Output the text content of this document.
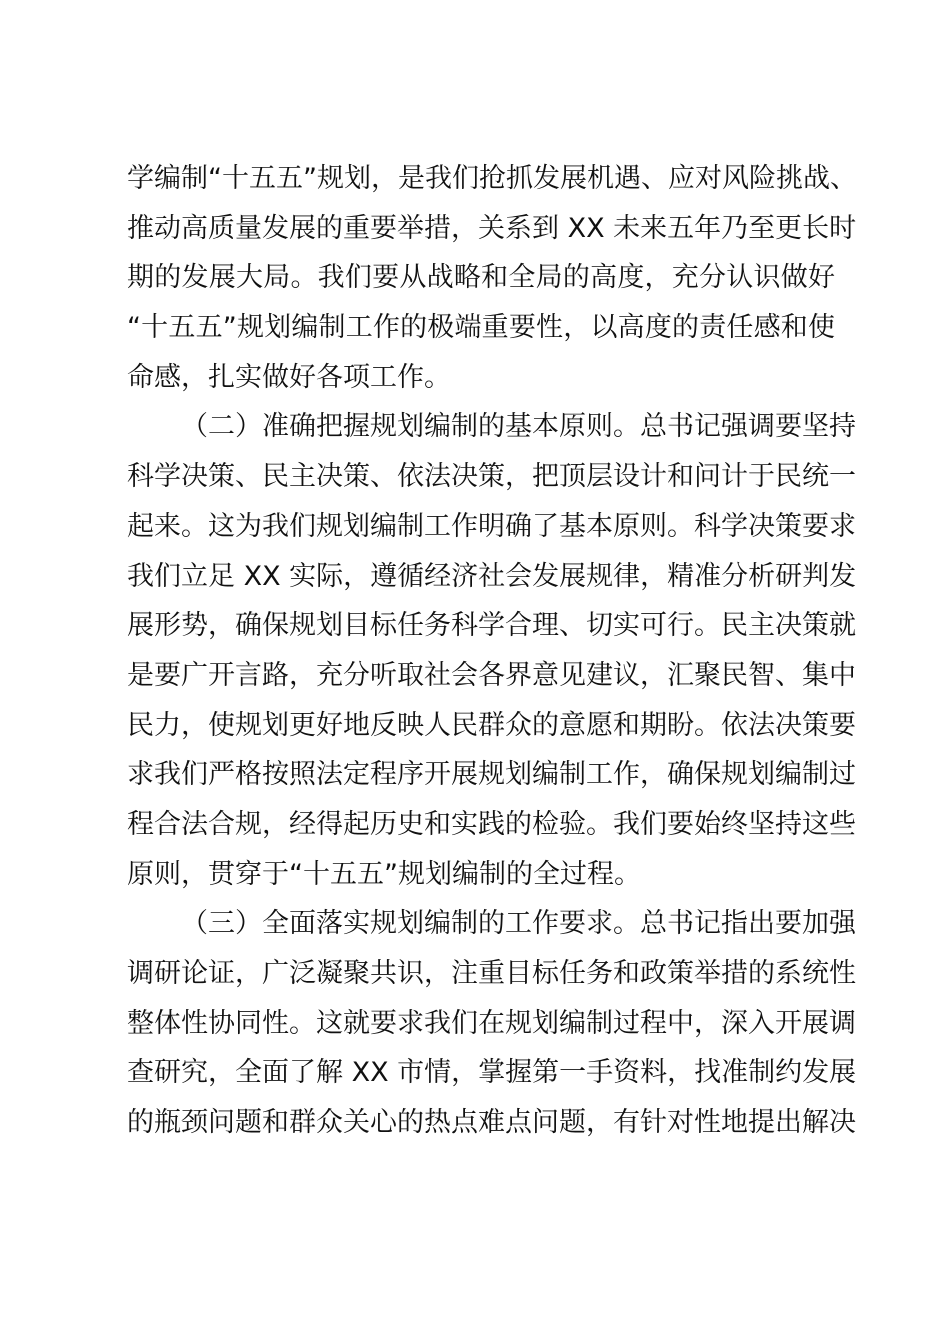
学编制“十五五”规划，是我们抢抓发展机遇、应对风险挑战、
推动高质量发展的重要举措，关系到 XX 未来五年乃至更长时
期的发展大局。我们要从战略和全局的高度，充分认识做好
“十五五”规划编制工作的极端重要性，以高度的责任感和使
命感，扎实做好各项工作。
（二）准确把握规划编制的基本原则。总书记强调要坚持
科学决策、民主决策、依法决策，把顶层设计和问计于民统一
起来。这为我们规划编制工作明确了基本原则。科学决策要求
我们立足 XX 实际，遵循经济社会发展规律，精准分析研判发
展形势，确保规划目标任务科学合理、切实可行。民主决策就
是要广开言路，充分听取社会各界意见建议，汇聚民智、集中
民力，使规划更好地反映人民群众的意愿和期盼。依法决策要
求我们严格按照法定程序开展规划编制工作，确保规划编制过
程合法合规，经得起历史和实践的检验。我们要始终坚持这些
原则，贯穿于“十五五”规划编制的全过程。
（三）全面落实规划编制的工作要求。总书记指出要加强
调研论证，广泛凝聚共识，注重目标任务和政策举措的系统性
整体性协同性。这就要求我们在规划编制过程中，深入开展调
查研究，全面了解 XX 市情，掌握第一手资料，找准制约发展
的瓶颈问题和群众关心的热点难点问题，有针对性地提出解决
